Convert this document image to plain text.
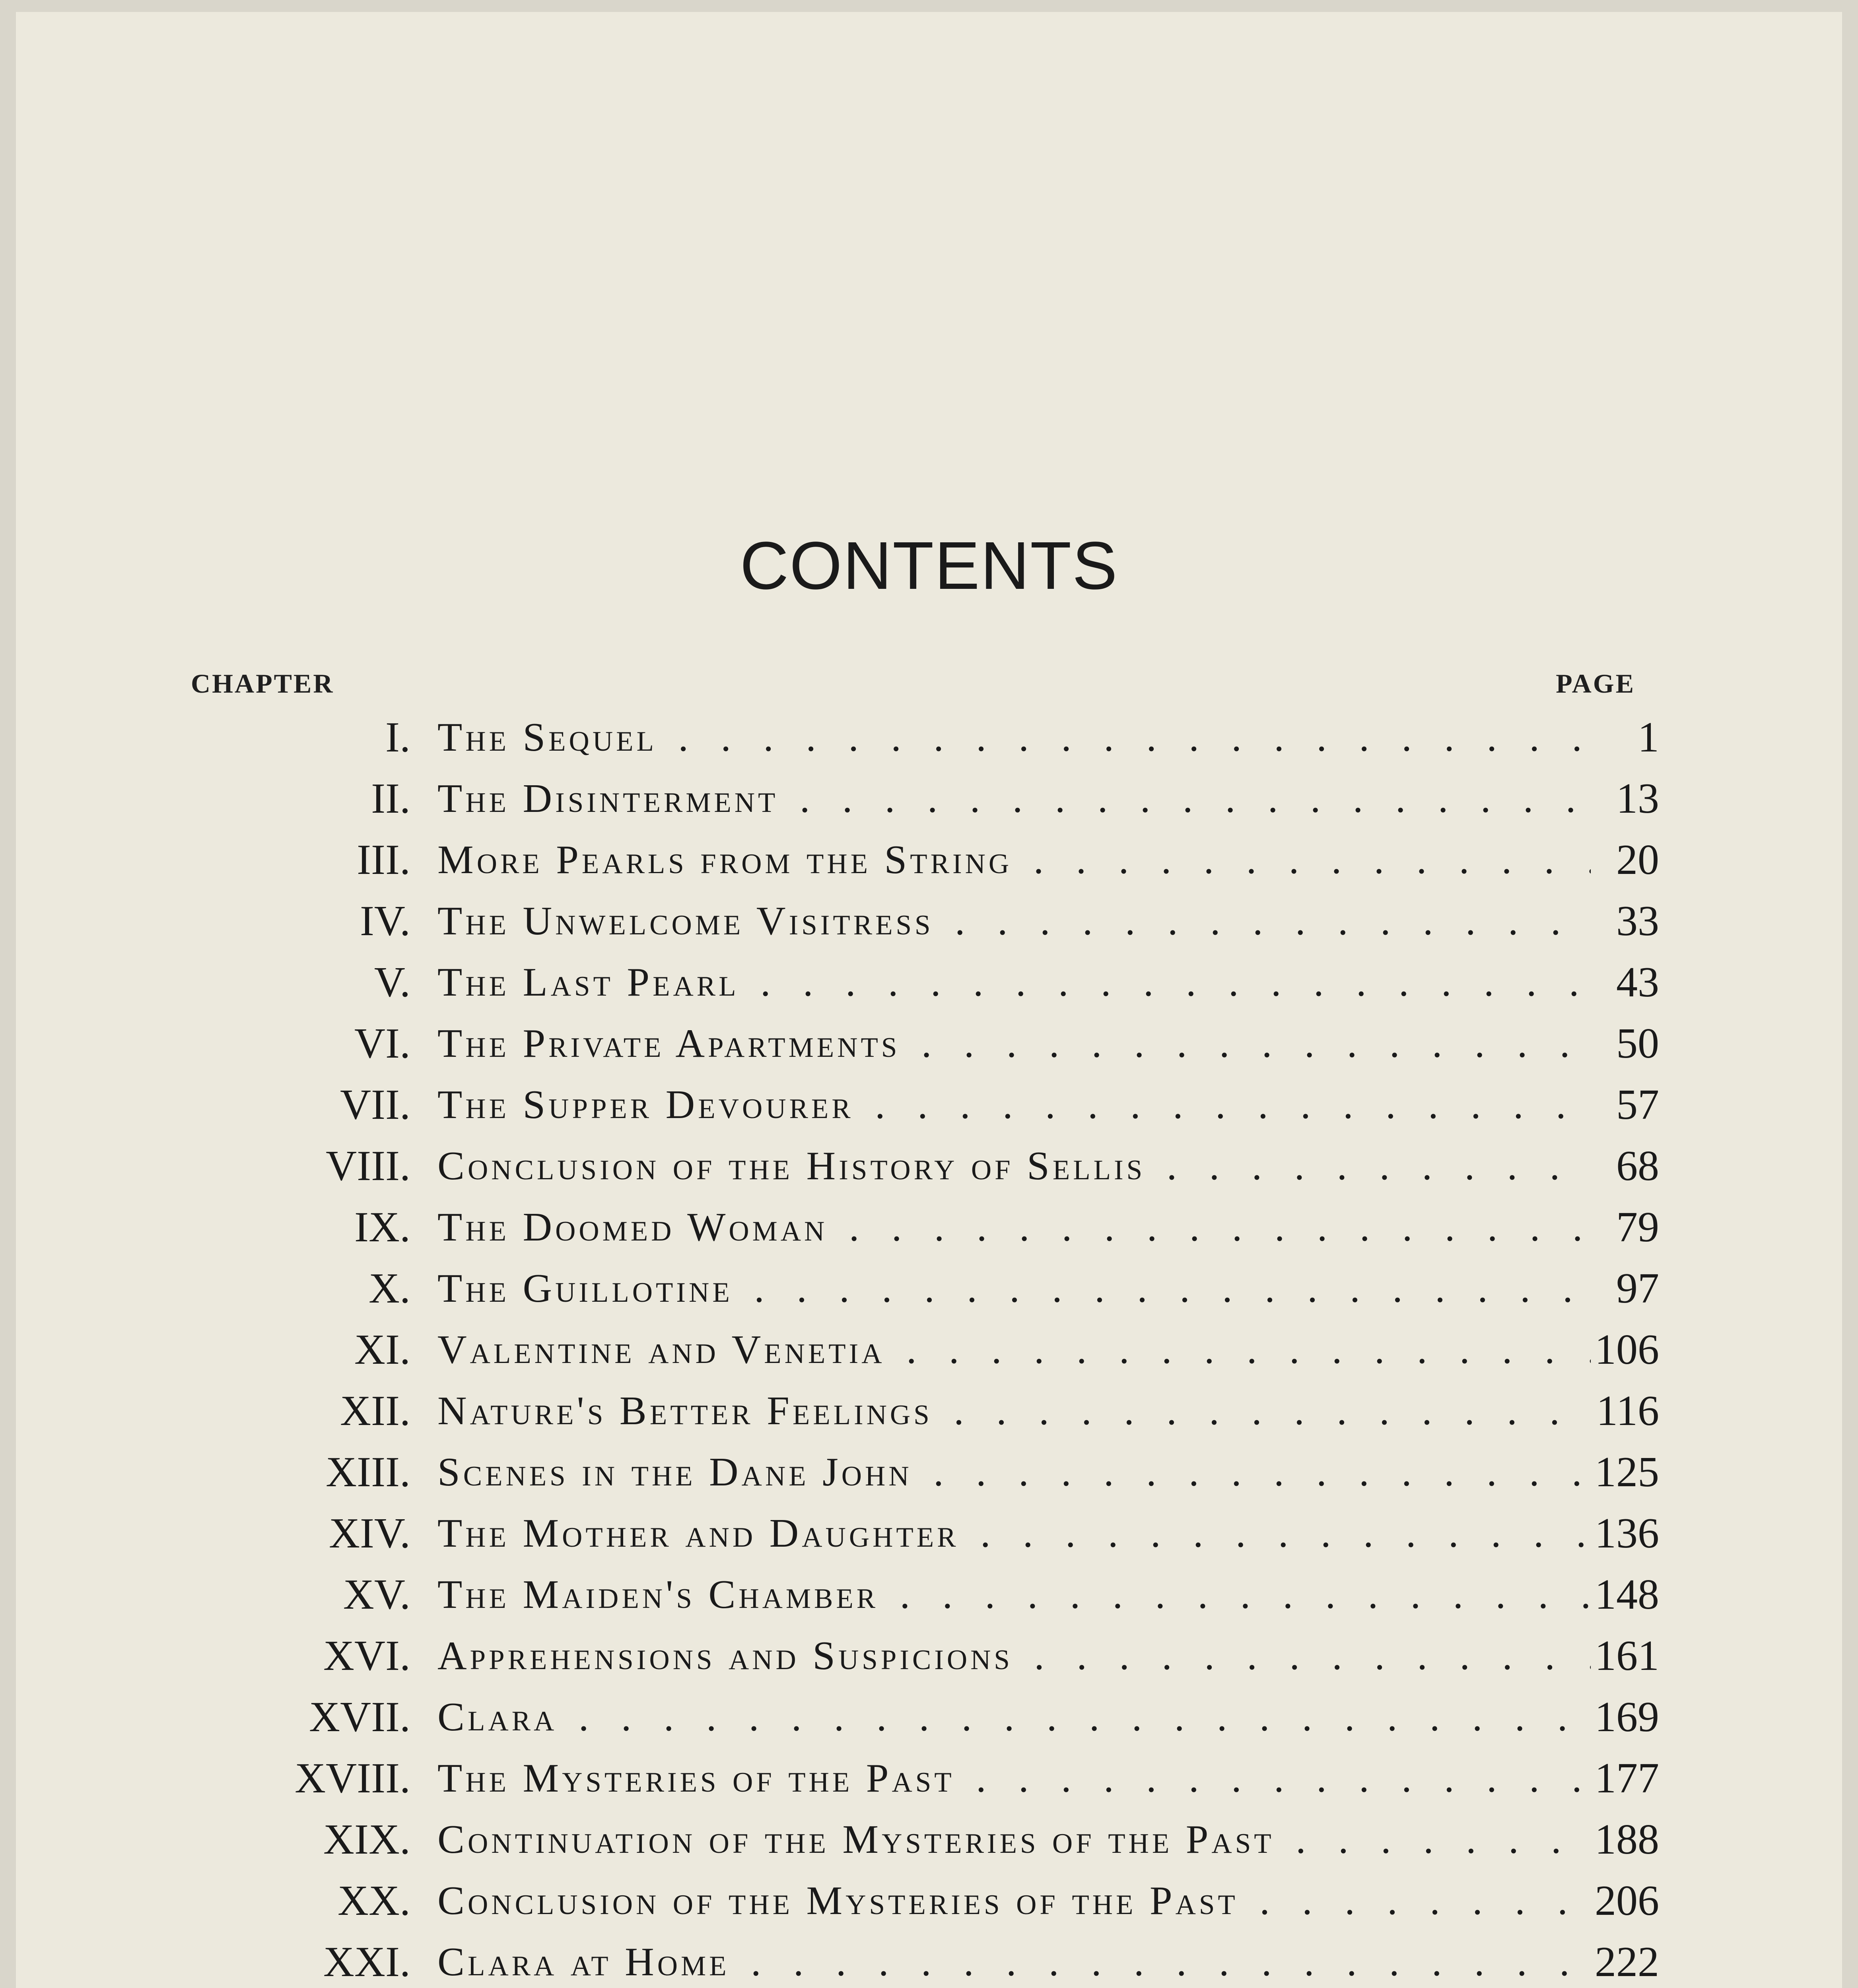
CONTENTS
CHAPTER	PAGE
I. The Sequel . .	1
II. The Disinterment . .	13
III. More Pearls from the String . .	20
IV. The Unwelcome Visitress . .	33
V. The Last Pearl . .	43
VI. The Private Apartments . .	50
VII. The Supper Devourer . .	57
VIII. Conclusion of the History of Sellis . .	68
IX. The Doomed Woman . .	79
X. The Guillotine . .	97
XI. Valentine and Venetia . .	106
XII. Nature's Better Feelings . .	116
XIII. Scenes in the Dane John . .	125
XIV. The Mother and Daughter . .	136
XV. The Maiden's Chamber . .	148
XVI. Apprehensions and Suspicions . .	161
XVII. Clara . .	169
XVIII. The Mysteries of the Past . .	177
XIX. Continuation of the Mysteries of the Past . .	188
XX. Conclusion of the Mysteries of the Past . .	206
XXI. Clara at Home . .	222
